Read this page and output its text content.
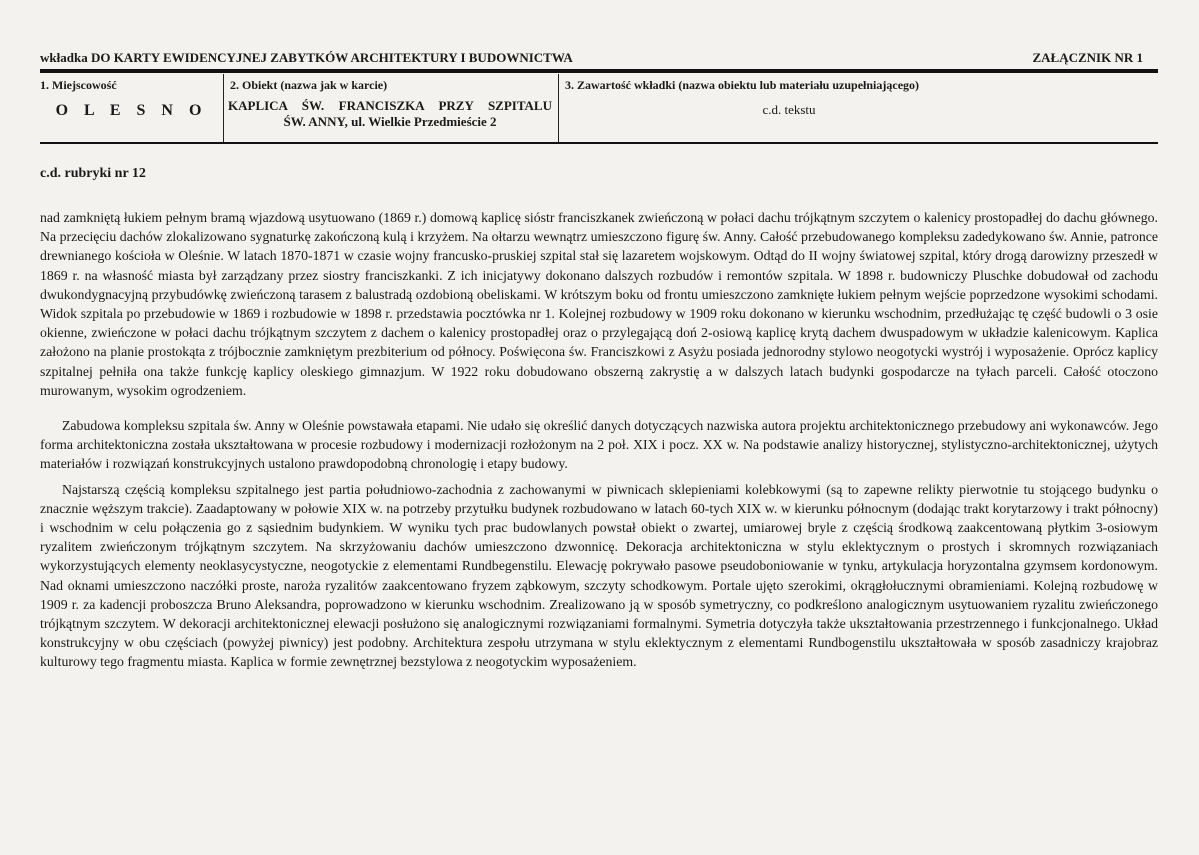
wkładka DO KARTY EWIDENCYJNEJ ZABYTKÓW ARCHITEKTURY I BUDOWNICTWA	ZAŁĄCZNIK NR 1
1. Miejscowość
O L E S N O
2. Obiekt (nazwa jak w karcie)
KAPLICA ŚW. FRANCISZKA PRZY SZPITALU
ŚW. ANNY, ul. Wielkie Przedmieście 2
3. Zawartość wkładki (nazwa obiektu lub materiału uzupełniającego)
c.d. tekstu
c.d. rubryki nr 12

nad zamkniętą łukiem pełnym bramą wjazdową usytuowano (1869 r.) domową kaplicę sióstr franciszkanek zwieńczoną w połaci dachu trójkątnym szczytem o kalenicy prostopadłej do dachu głównego. Na przecięciu dachów zlokalizowano sygnaturkę zakończoną kulą i krzyżem. Na ołtarzu wewnątrz umieszczono figurę św. Anny. Całość przebudowanego kompleksu zadedykowano św. Annie, patronce drewnianego kościoła w Oleśnie. W latach 1870-1871 w czasie wojny francusko-pruskiej szpital stał się lazaretem wojskowym. Odtąd do II wojny światowej szpital, który drogą darowizny przeszedł w 1869 r. na własność miasta był zarządzany przez siostry franciszkanki. Z ich inicjatywy dokonano dalszych rozbudów i remontów szpitala. W 1898 r. budowniczy Pluschke dobudował od zachodu dwukondygnacyjną przybudówkę zwieńczoną tarasem z balustradą ozdobioną obeliskami. W krótszym boku od frontu umieszczono zamknięte łukiem pełnym wejście poprzedzone wysokimi schodami. Widok szpitala po przebudowie w 1869 i rozbudowie w 1898 r. przedstawia pocztówka nr 1. Kolejnej rozbudowy w 1909 roku dokonano w kierunku wschodnim, przedłużając tę część budowli o 3 osie okienne, zwieńczone w połaci dachu trójkątnym szczytem z dachem o kalenicy prostopadłej oraz o przylegającą doń 2-osiową kaplicę krytą dachem dwuspadowym w układzie kalenicowym. Kaplica założono na planie prostokąta z trójbocznie zamkniętym prezbiterium od północy. Poświęcona św. Franciszkowi z Asyżu posiada jednorodny stylowo neogotycki wystrój i wyposażenie. Oprócz kaplicy szpitalnej pełniła ona także funkcję kaplicy oleskiego gimnazjum. W 1922 roku dobudowano obszerną zakrystię a w dalszych latach budynki gospodarcze na tyłach parceli. Całość otoczono murowanym, wysokim ogrodzeniem.

Zabudowa kompleksu szpitala św. Anny w Oleśnie powstawała etapami. Nie udało się określić danych dotyczących nazwiska autora projektu architektonicznego przebudowy ani wykonawców. Jego forma architektoniczna została ukształtowana w procesie rozbudowy i modernizacji rozłożonym na 2 poł. XIX i pocz. XX w. Na podstawie analizy historycznej, stylistyczno-architektonicznej, użytych materiałów i rozwiązań konstrukcyjnych ustalono prawdopodobną chronologię i etapy budowy.

Najstarszą częścią kompleksu szpitalnego jest partia południowo-zachodnia z zachowanymi w piwnicach sklepieniami kolebkowymi (są to zapewne relikty pierwotnie tu stojącego budynku o znacznie węższym trakcie). Zaadaptowany w połowie XIX w. na potrzeby przytułku budynek rozbudowano w latach 60-tych XIX w. w kierunku północnym (dodając trakt korytarzowy i trakt północny) i wschodnim w celu połączenia go z sąsiednim budynkiem. W wyniku tych prac budowlanych powstał obiekt o zwartej, umiarowej bryle z częścią środkową zaakcentowaną płytkim 3-osiowym ryzalitem zwieńczonym trójkątnym szczytem. Na skrzyżowaniu dachów umieszczono dzwonnicę. Dekoracja architektoniczna w stylu eklektycznym o prostych i skromnych rozwiązaniach wykorzystujących elementy neoklasycystyczne, neogotyckie z elementami Rundbegenstilu. Elewację pokrywało pasowe pseudoboniowanie w tynku, artykulacja horyzontalna gzymsem kordonowym. Nad oknami umieszczono naczółki proste, naroża ryzalitów zaakcentowano fryzem ząbkowym, szczyty schodkowym. Portale ujęto szerokimi, okrągłołucznymi obramieniami. Kolejną rozbudowę w 1909 r. za kadencji proboszcza Bruno Aleksandra, poprowadzono w kierunku wschodnim. Zrealizowano ją w sposób symetryczny, co podkreślono analogicznym usytuowaniem ryzalitu zwieńczonego trójkątnym szczytem. W dekoracji architektonicznej elewacji posłużono się analogicznymi rozwiązaniami formalnymi. Symetria dotyczyła także ukształtowania przestrzennego i funkcjonalnego. Układ konstrukcyjny w obu częściach (powyżej piwnicy) jest podobny. Architektura zespołu utrzymana w stylu eklektycznym z elementami Rundbogenstilu ukształtowała w sposób zasadniczy krajobraz kulturowy tego fragmentu miasta. Kaplica w formie zewnętrznej bezstylowa z neogotyckim wyposażeniem.
